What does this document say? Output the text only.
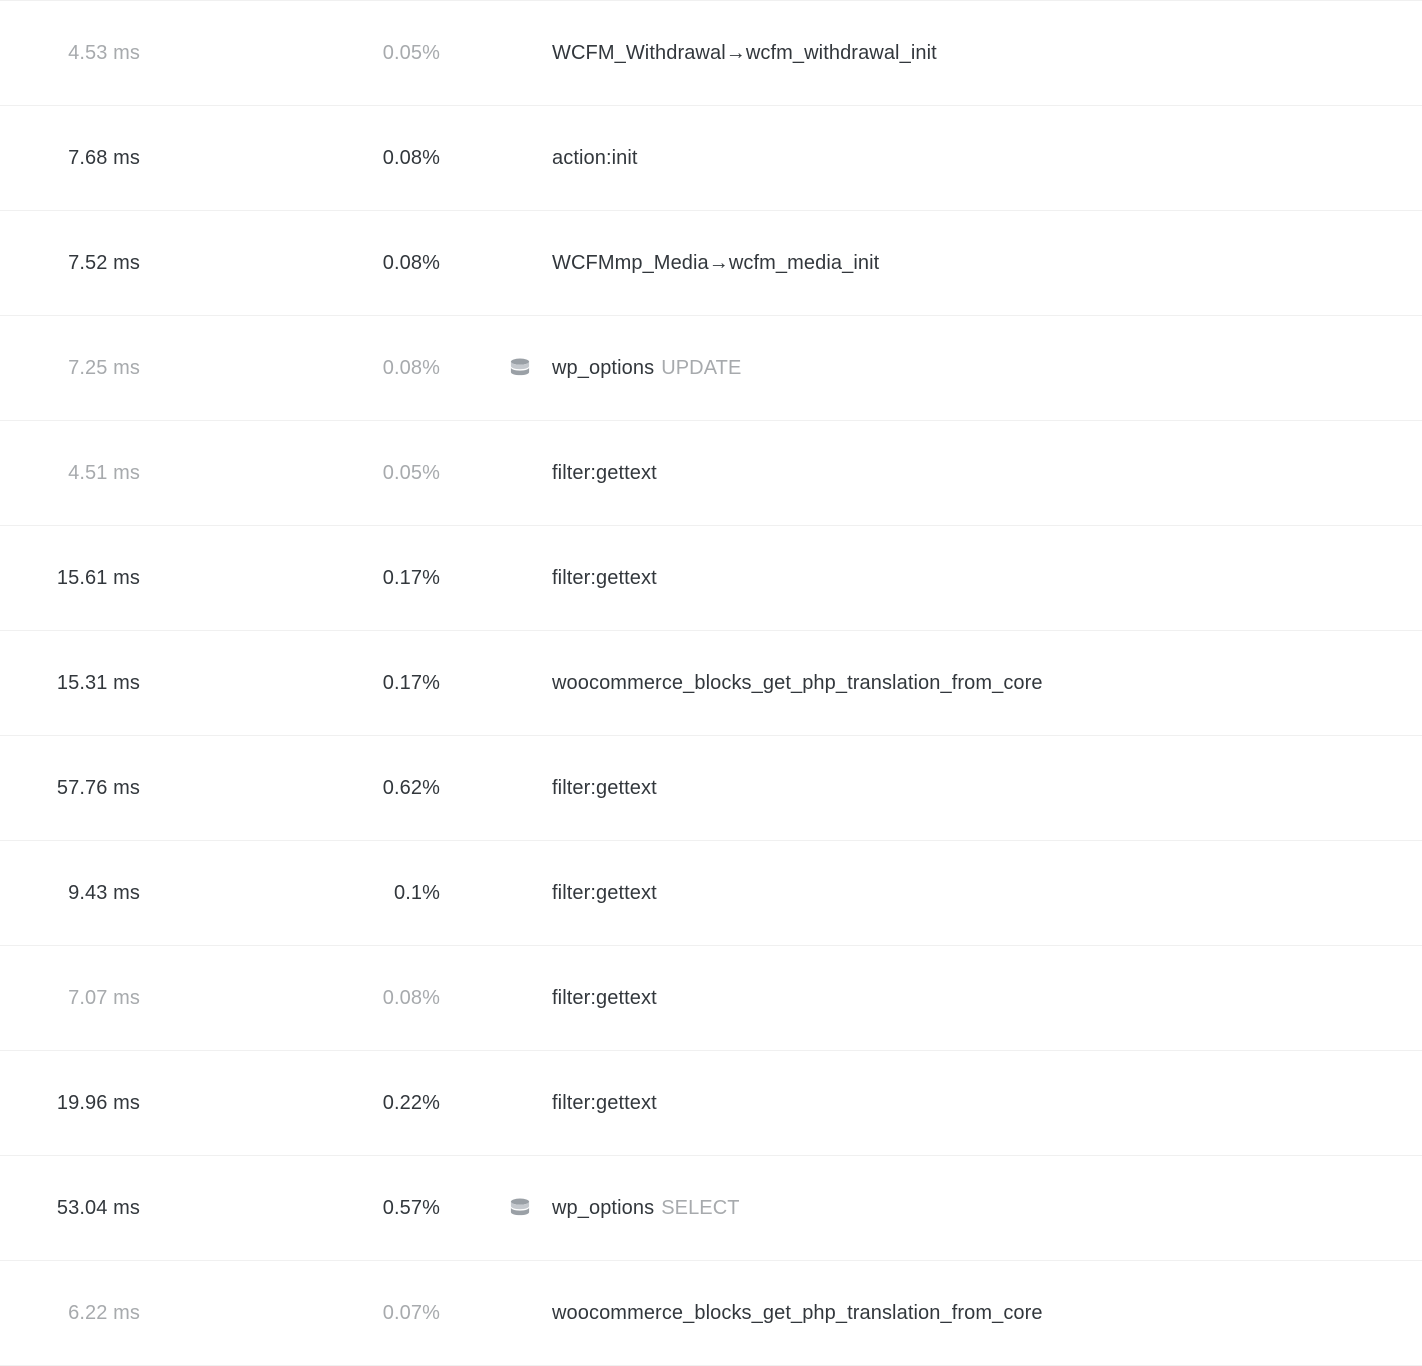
4.53 ms	0.05%	WCFM_Withdrawal→wcfm_withdrawal_init

7.68 ms	0.08%	action:init

7.52 ms	0.08%	WCFMmp_Media→wcfm_media_init

7.25 ms	0.08%	wp_options UPDATE

4.51 ms	0.05%	filter:gettext

15.61 ms	0.17%	filter:gettext

15.31 ms	0.17%	woocommerce_blocks_get_php_translation_from_core

57.76 ms	0.62%	filter:gettext

9.43 ms	0.1%	filter:gettext

7.07 ms	0.08%	filter:gettext

19.96 ms	0.22%	filter:gettext

53.04 ms	0.57%	wp_options SELECT

6.22 ms	0.07%	woocommerce_blocks_get_php_translation_from_core
